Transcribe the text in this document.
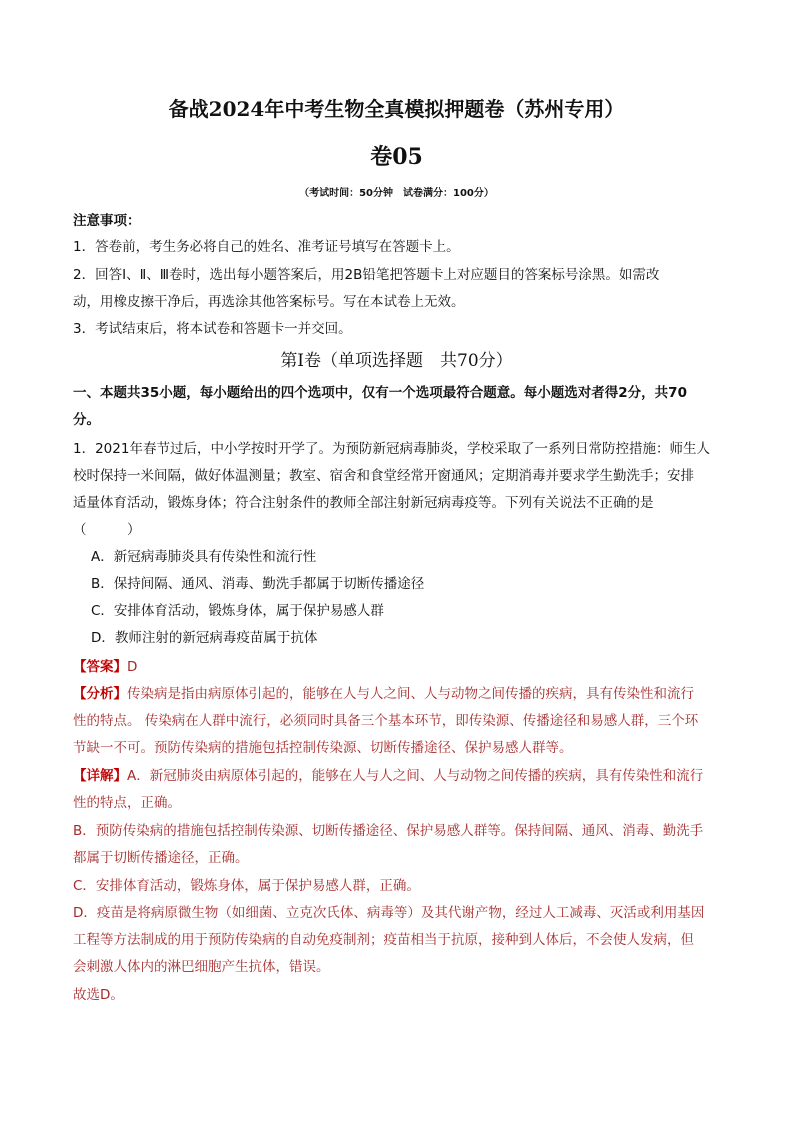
备战2024年中考生物全真模拟押题卷（苏州专用）
卷05
（考试时间：50分钟　试卷满分：100分）
注意事项：
1．答卷前，考生务必将自己的姓名、准考证号填写在答题卡上。
2．回答Ⅰ、Ⅱ、Ⅲ卷时，选出每小题答案后，用2B铅笔把答题卡上对应题目的答案标号涂黑。如需改
动，用橡皮擦干净后，再选涂其他答案标号。写在本试卷上无效。
3．考试结束后，将本试卷和答题卡一并交回。
第Ⅰ卷（单项选择题　共70分）
一、本题共35小题，每小题给出的四个选项中，仅有一个选项最符合题意。每小题选对者得2分，共70
分。
1．2021年春节过后，中小学按时开学了。为预防新冠病毒肺炎，学校采取了一系列日常防控措施：师生人
校时保持一米间隔，做好体温测量；教室、宿舍和食堂经常开窗通风；定期消毒并要求学生勤洗手；安排
适量体育活动，锻炼身体；符合注射条件的教师全部注射新冠病毒疫等。下列有关说法不正确的是
（　　　）
A．新冠病毒肺炎具有传染性和流行性
B．保持间隔、通风、消毒、勤洗手都属于切断传播途径
C．安排体育活动，锻炼身体，属于保护易感人群
D．教师注射的新冠病毒疫苗属于抗体
【答案】D
【分析】传染病是指由病原体引起的，能够在人与人之间、人与动物之间传播的疾病，具有传染性和流行
性的特点。 传染病在人群中流行，必须同时具备三个基本环节，即传染源、传播途径和易感人群，三个环
节缺一不可。预防传染病的措施包括控制传染源、切断传播途径、保护易感人群等。
【详解】A．新冠肺炎由病原体引起的，能够在人与人之间、人与动物之间传播的疾病，具有传染性和流行
性的特点，正确。
B．预防传染病的措施包括控制传染源、切断传播途径、保护易感人群等。保持间隔、通风、消毒、勤洗手
都属于切断传播途径，正确。
C．安排体育活动，锻炼身体，属于保护易感人群，正确。
D．疫苗是将病原微生物（如细菌、立克次氏体、病毒等）及其代谢产物，经过人工减毒、灭活或利用基因
工程等方法制成的用于预防传染病的自动免疫制剂；疫苗相当于抗原，接种到人体后，不会使人发病，但
会刺激人体内的淋巴细胞产生抗体，错误。
故选D。
